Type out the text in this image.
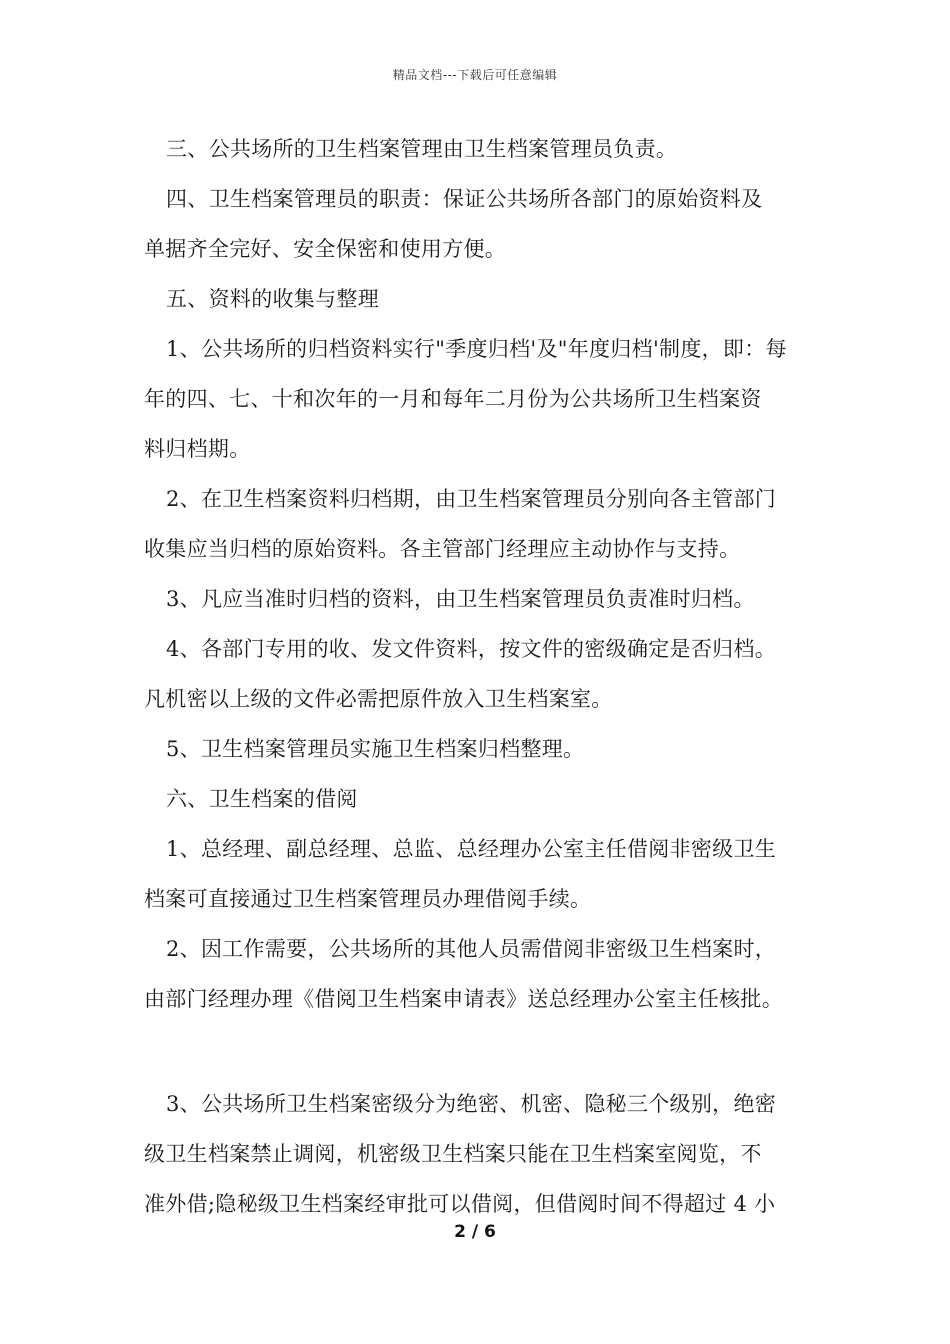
精品文档---下载后可任意编辑
三、公共场所的卫生档案管理由卫生档案管理员负责。
四、卫生档案管理员的职责：保证公共场所各部门的原始资料及
单据齐全完好、安全保密和使用方便。
五、资料的收集与整理
1、公共场所的归档资料实行"季度归档'及"年度归档'制度，即：每
年的四、七、十和次年的一月和每年二月份为公共场所卫生档案资
料归档期。
2、在卫生档案资料归档期，由卫生档案管理员分别向各主管部门
收集应当归档的原始资料。各主管部门经理应主动协作与支持。
3、凡应当准时归档的资料，由卫生档案管理员负责准时归档。
4、各部门专用的收、发文件资料，按文件的密级确定是否归档。
凡机密以上级的文件必需把原件放入卫生档案室。
5、卫生档案管理员实施卫生档案归档整理。
六、卫生档案的借阅
1、总经理、副总经理、总监、总经理办公室主任借阅非密级卫生
档案可直接通过卫生档案管理员办理借阅手续。
2、因工作需要，公共场所的其他人员需借阅非密级卫生档案时，
由部门经理办理《借阅卫生档案申请表》送总经理办公室主任核批。
3、公共场所卫生档案密级分为绝密、机密、隐秘三个级别，绝密
级卫生档案禁止调阅，机密级卫生档案只能在卫生档案室阅览，不
准外借;隐秘级卫生档案经审批可以借阅，但借阅时间不得超过 4 小
2 / 6
